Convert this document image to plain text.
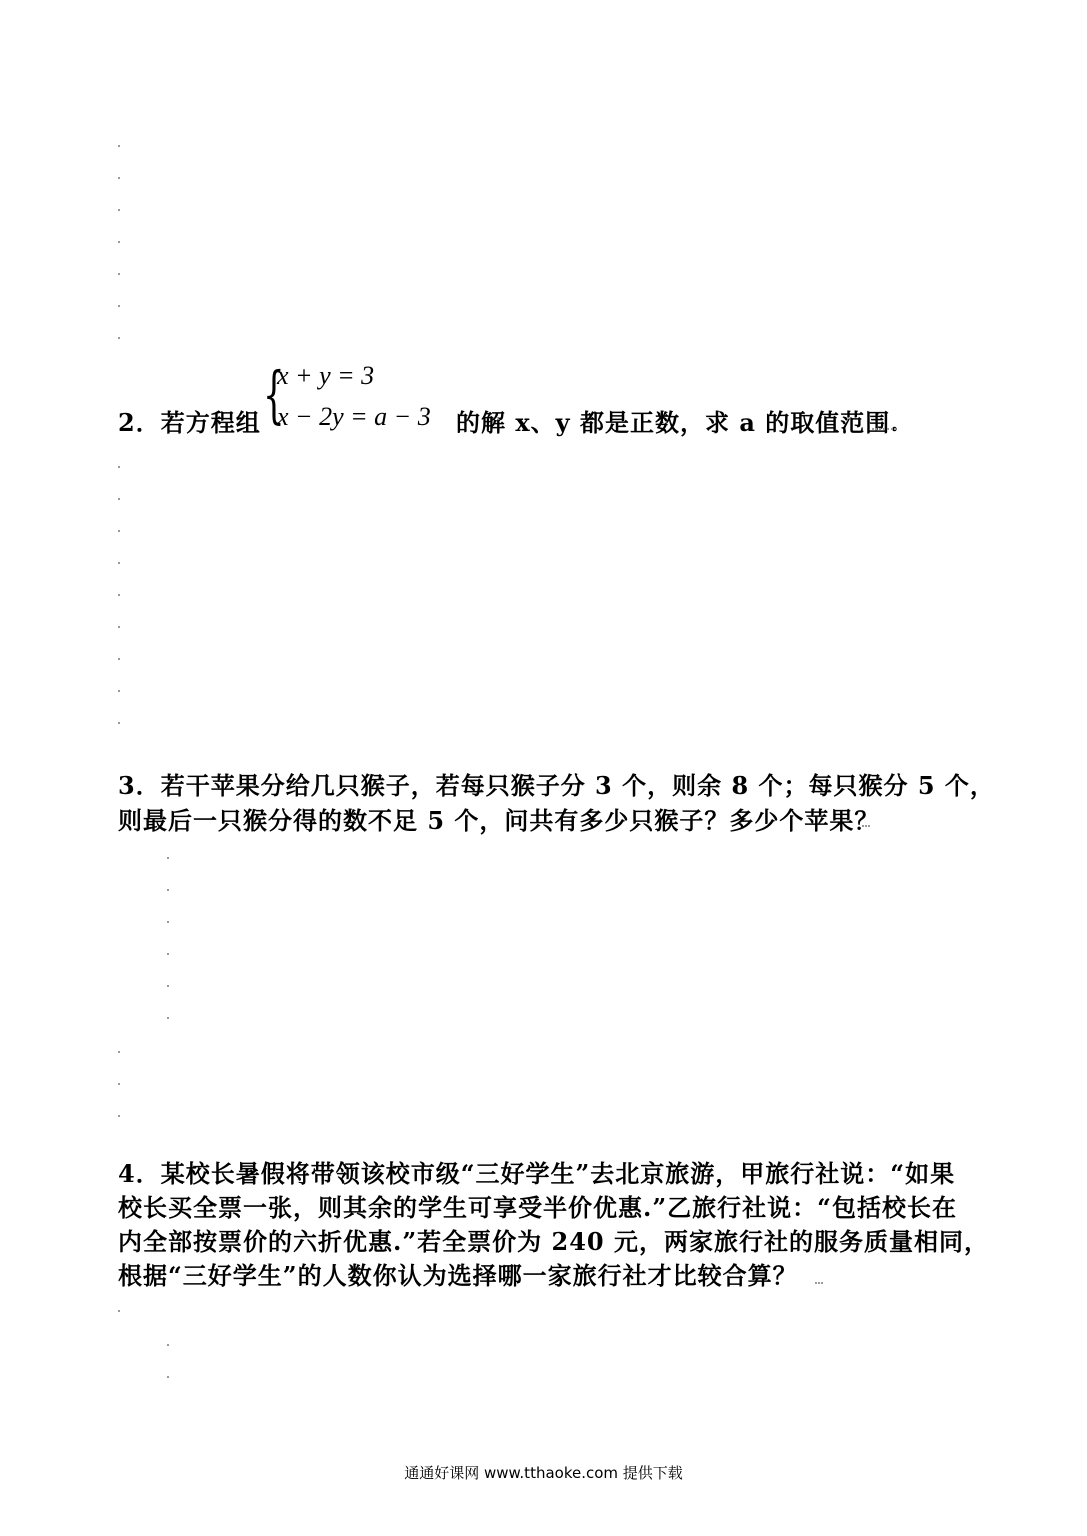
{
x + y = 3
x − 2y = a − 3
2．若方程组	的解 x、y 都是正数，求 a 的取值范围.
3．若干苹果分给几只猴子，若每只猴子分 3 个，则余 8 个；每只猴分 5 个，
则最后一只猴分得的数不足 5 个，问共有多少只猴子？多少个苹果？
4．某校长暑假将带领该校市级“三好学生”去北京旅游，甲旅行社说：“如果
校长买全票一张，则其余的学生可享受半价优惠.”乙旅行社说：“包括校长在
内全部按票价的六折优惠.”若全票价为 240 元，两家旅行社的服务质量相同，
根据“三好学生”的人数你认为选择哪一家旅行社才比较合算？
通通好课网 www.tthaoke.com 提供下载
